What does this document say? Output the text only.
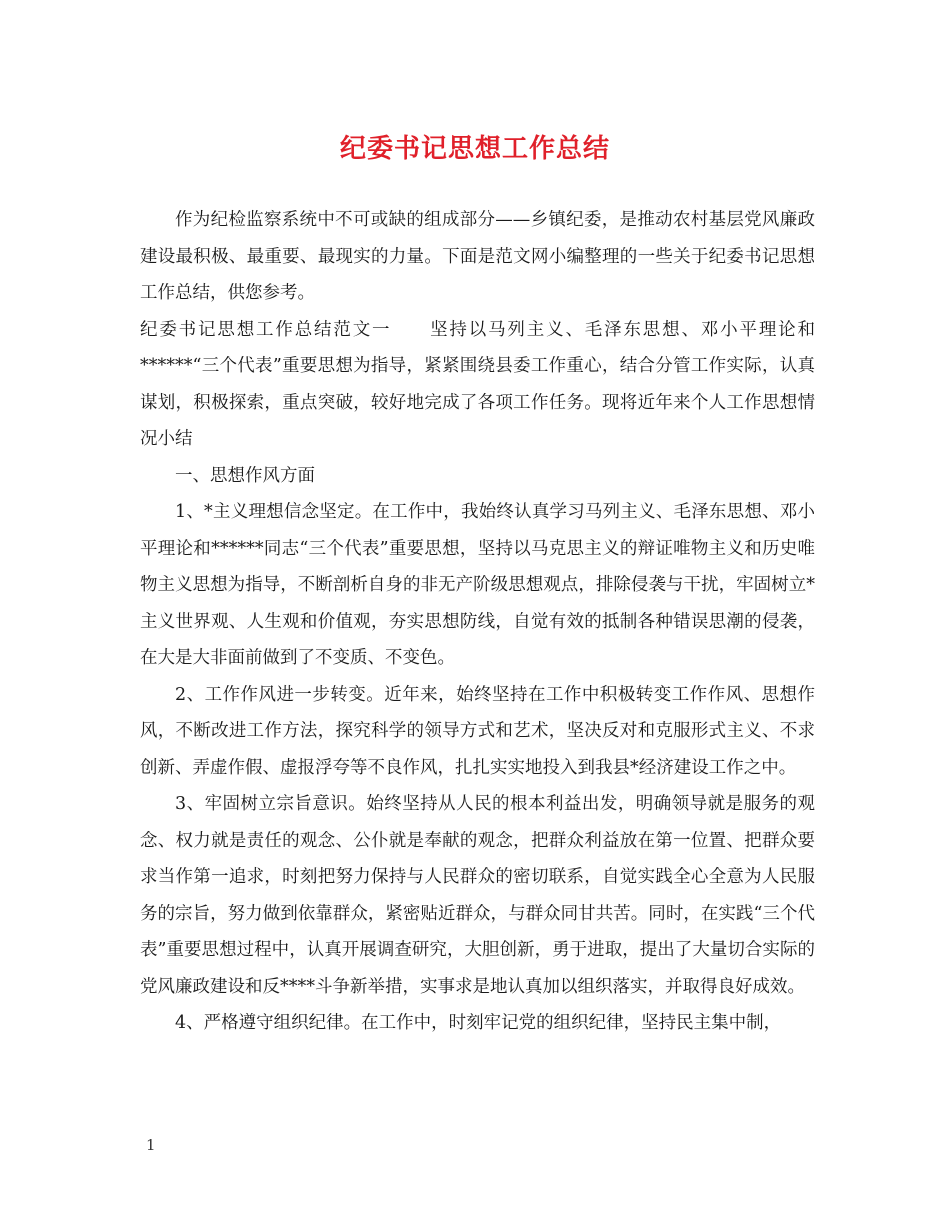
纪委书记思想工作总结

作为纪检监察系统中不可或缺的组成部分——乡镇纪委，是推动农村基层党风廉政建设最积极、最重要、最现实的力量。下面是范文网小编整理的一些关于纪委书记思想工作总结，供您参考。

纪委书记思想工作总结范文一　　坚持以马列主义、毛泽东思想、邓小平理论和******“三个代表”重要思想为指导，紧紧围绕县委工作重心，结合分管工作实际，认真谋划，积极探索，重点突破，较好地完成了各项工作任务。现将近年来个人工作思想情况小结

一、思想作风方面

1、*主义理想信念坚定。在工作中，我始终认真学习马列主义、毛泽东思想、邓小平理论和******同志“三个代表”重要思想，坚持以马克思主义的辩证唯物主义和历史唯物主义思想为指导，不断剖析自身的非无产阶级思想观点，排除侵袭与干扰，牢固树立*主义世界观、人生观和价值观，夯实思想防线，自觉有效的抵制各种错误思潮的侵袭，在大是大非面前做到了不变质、不变色。

2、工作作风进一步转变。近年来，始终坚持在工作中积极转变工作作风、思想作风，不断改进工作方法，探究科学的领导方式和艺术，坚决反对和克服形式主义、不求创新、弄虚作假、虚报浮夸等不良作风，扎扎实实地投入到我县*经济建设工作之中。

3、牢固树立宗旨意识。始终坚持从人民的根本利益出发，明确领导就是服务的观念、权力就是责任的观念、公仆就是奉献的观念，把群众利益放在第一位置、把群众要求当作第一追求，时刻把努力保持与人民群众的密切联系，自觉实践全心全意为人民服务的宗旨，努力做到依靠群众，紧密贴近群众，与群众同甘共苦。同时，在实践“三个代表”重要思想过程中，认真开展调查研究，大胆创新，勇于进取，提出了大量切合实际的党风廉政建设和反****斗争新举措，实事求是地认真加以组织落实，并取得良好成效。

4、严格遵守组织纪律。在工作中，时刻牢记党的组织纪律，坚持民主集中制，

1
